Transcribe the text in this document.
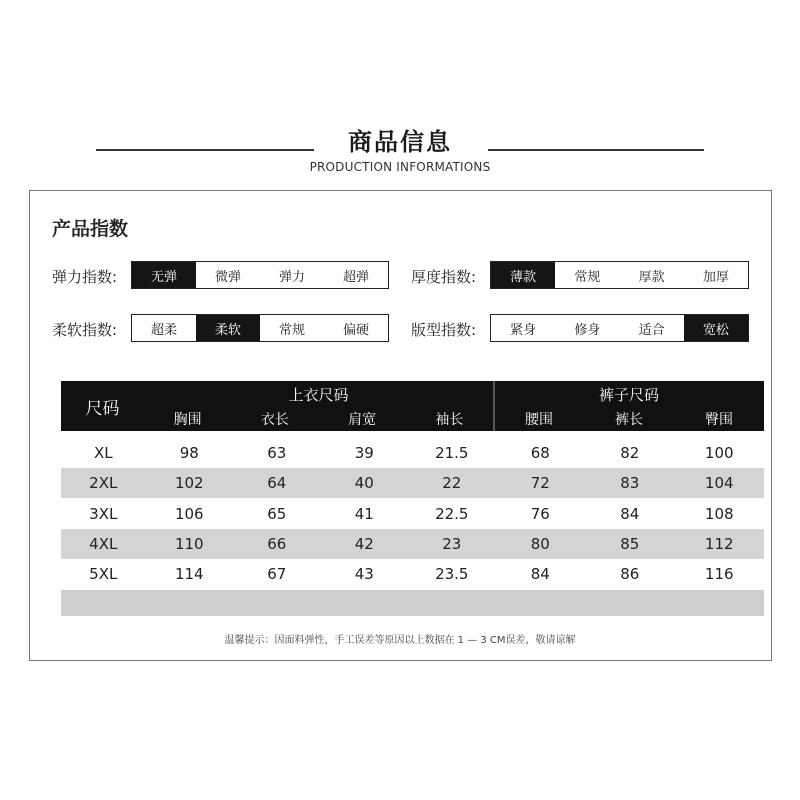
商品信息
PRODUCTION INFORMATIONS
产品指数
弹力指数:	无弹	微弹	弹力	超弹	厚度指数:	薄款	常规	厚款	加厚
柔软指数:	超柔	柔软	常规	偏硬	版型指数:	紧身	修身	适合	宽松
尺码
上衣尺码	裤子尺码
胸围	衣长	肩宽	袖长	腰围	裤长	臀围
XL	98	63	39	21.5	68	82	100
2XL	102	64	40	22	72	83	104
3XL	106	65	41	22.5	76	84	108
4XL	110	66	42	23	80	85	112
5XL	114	67	43	23.5	84	86	116
温馨提示：因面料弹性，手工误差等原因以上数据在 1 — 3 CM误差，敬请谅解
